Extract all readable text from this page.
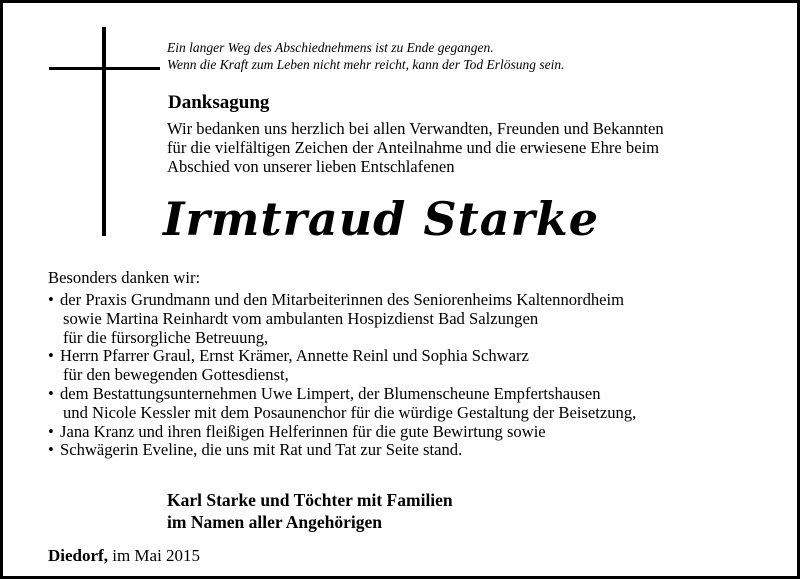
Ein langer Weg des Abschiednehmens ist zu Ende gegangen.
Wenn die Kraft zum Leben nicht mehr reicht, kann der Tod Erlösung sein.
Danksagung
Wir bedanken uns herzlich bei allen Verwandten, Freunden und Bekannten
für die vielfältigen Zeichen der Anteilnahme und die erwiesene Ehre beim
Abschied von unserer lieben Entschlafenen
Irmtraud Starke
Besonders danken wir:
• der Praxis Grundmann und den Mitarbeiterinnen des Seniorenheims Kaltennordheim
sowie Martina Reinhardt vom ambulanten Hospizdienst Bad Salzungen
für die fürsorgliche Betreuung,
• Herrn Pfarrer Graul, Ernst Krämer, Annette Reinl und Sophia Schwarz
für den bewegenden Gottesdienst,
• dem Bestattungsunternehmen Uwe Limpert, der Blumenscheune Empfertshausen
und Nicole Kessler mit dem Posaunenchor für die würdige Gestaltung der Beisetzung,
• Jana Kranz und ihren fleißigen Helferinnen für die gute Bewirtung sowie
• Schwägerin Eveline, die uns mit Rat und Tat zur Seite stand.
Karl Starke und Töchter mit Familien
im Namen aller Angehörigen
Diedorf, im Mai 2015
